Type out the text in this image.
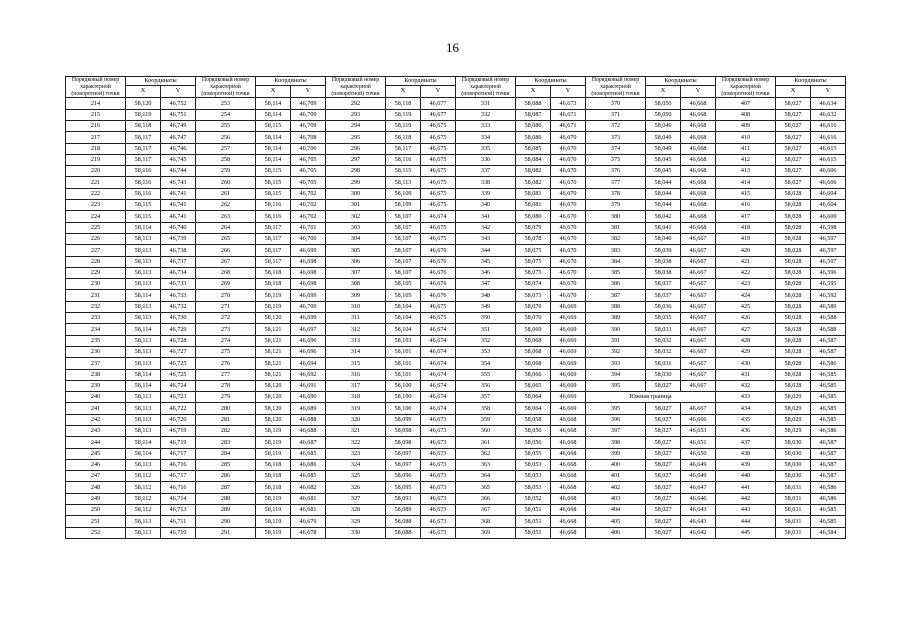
16
Порядковый номер характерной (поворотной) точки	Координаты		Порядковый номер характерной (поворотной) точки	Координаты		Порядковый номер характерной (поворотной) точки	Координаты		Порядковый номер характерной (поворотной) точки	Координаты		Порядковый номер характерной (поворотной) точки	Координаты		Порядковый номер характерной (поворотной) точки	Координаты	
	X	Y		X	Y		X	Y		X	Y		X	Y		X	Y
214	58,120	46,752	253	58,114	46,709	292	58,118	46,677	331	58,088	46,673	370	58,050	46,668	407	58,027	46,634
215	58,119	46,751	254	58,114	46,709	293	58,119	46,677	332	58,087	46,671	371	58,050	46,668	408	58,027	46,632
216	58,118	46,749	255	58,115	46,709	294	58,119	46,675	333	58,086	46,671	372	58,049	46,668	409	58,027	46,616
217	58,117	46,747	256	58,114	46,708	295	58,118	46,675	334	58,086	46,670	373	58,049	46,668	410	58,027	46,616
218	58,117	46,746	257	58,114	46,706	296	58,117	46,675	335	58,085	46,670	374	58,049	46,668	411	58,027	46,615
219	58,117	46,745	258	58,114	46,705	297	58,116	46,675	336	58,084	46,670	375	58,045	46,668	412	58,027	46,615
220	58,116	46,744	259	58,115	46,705	298	58,115	46,675	337	58,082	46,670	376	58,045	46,668	413	58,027	46,606
221	58,116	46,743	260	58,115	46,705	299	58,113	46,675	338	58,082	46,670	377	58,044	46,668	414	58,027	46,606
222	58,116	46,741	261	58,115	46,702	300	58,109	46,675	339	58,081	46,670	378	58,044	46,668	415	58,028	46,604
223	58,115	46,741	262	58,116	46,702	301	58,109	46,675	340	58,081	46,670	379	58,044	46,668	416	58,028	46,604
224	58,115	46,741	263	58,116	46,702	302	58,107	46,674	341	58,080	46,670	380	58,042	46,668	417	58,028	46,600
225	58,114	46,740	264	58,117	46,701	303	58,107	46,675	342	58,079	46,670	381	58,041	46,668	418	58,028	46,598
226	58,113	46,739	265	58,117	46,700	304	58,107	46,675	343	58,078	46,670	382	58,040	46,667	419	58,028	46,597
227	58,113	46,738	266	58,117	46,699	305	58,107	46,676	344	58,075	46,670	383	58,039	46,667	420	58,028	46,597
228	58,113	46,737	267	58,117	46,698	306	58,107	46,676	345	58,075	46,670	384	58,038	46,667	421	58,028	46,597
229	58,113	46,734	268	58,118	46,698	307	58,107	46,676	346	58,075	46,670	385	58,038	46,667	422	58,028	46,596
230	58,113	46,733	269	58,118	46,698	308	58,105	46,676	347	58,074	46,670	386	58,037	46,667	423	58,028	46,595
231	58,114	46,733	270	58,119	46,699	309	58,105	46,676	348	58,073	46,670	387	58,037	46,667	424	58,028	46,592
232	58,113	46,732	271	58,119	46,700	310	58,104	46,675	349	58,070	46,669	388	58,036	46,667	425	58,028	46,589
233	58,113	46,730	272	58,120	46,699	311	58,104	46,675	350	58,070	46,669	389	58,035	46,667	426	58,028	46,588
234	58,114	46,729	273	58,121	46,697	312	58,104	46,674	351	58,069	46,669	390	58,033	46,667	427	58,028	46,588
235	58,113	46,728	274	58,121	46,696	313	58,103	46,674	352	58,068	46,669	391	58,032	46,667	428	58,028	46,587
236	58,113	46,727	275	58,121	46,696	314	58,101	46,674	353	58,068	46,669	392	58,032	46,667	429	58,028	46,587
237	58,113	46,725	276	58,121	46,694	315	58,101	46,674	354	58,068	46,669	393	58,031	46,667	430	58,028	46,586
238	58,114	46,725	277	58,121	46,692	316	58,101	46,674	355	58,066	46,669	394	58,030	46,667	431	58,028	46,585
239	58,114	46,724	278	58,120	46,691	317	58,100	46,674	356	58,065	46,669	395	58,027	46,667	432	58,028	46,585
240	58,113	46,723	279	58,120	46,690	318	58,100	46,674	357	58,064	46,669	Южная граница			433	58,029	46,585
241	58,113	46,722	280	58,120	46,689	319	58,100	46,674	358	58,064	46,669	395	58,027	46,667	434	58,029	46,585
242	58,113	46,720	281	58,120	46,688	320	58,099	46,673	359	58,058	46,668	396	58,027	46,666	435	58,029	46,585
243	58,113	46,719	282	58,119	46,688	321	58,098	46,673	360	58,056	46,668	397	58,027	46,653	436	58,029	46,586
244	58,114	46,719	283	58,119	46,687	322	58,098	46,673	361	58,056	46,668	398	58,027	46,651	437	58,030	46,587
245	58,114	46,717	284	58,119	46,685	323	58,097	46,673	362	58,055	46,668	399	58,027	46,650	438	58,030	46,587
246	58,113	46,716	285	58,118	46,686	324	58,097	46,673	363	58,053	46,668	400	58,027	46,649	439	58,030	46,587
247	58,112	46,717	286	58,118	46,685	325	58,096	46,673	364	58,053	46,668	401	58,027	46,649	440	58,030	46,587
248	58,112	46,716	287	58,118	46,682	326	58,095	46,673	365	58,053	46,668	402	58,027	46,647	441	58,031	46,586
249	58,112	46,714	288	58,119	46,681	327	58,093	46,673	366	58,052	46,668	403	58,027	46,646	442	58,031	46,586
250	58,112	46,713	289	58,119	46,681	328	58,089	46,673	367	58,051	46,668	404	58,027	46,643	443	58,031	46,585
251	58,113	46,711	290	58,119	46,679	329	58,088	46,673	368	58,051	46,668	405	58,027	46,643	444	58,031	46,585
252	58,113	46,710	291	58,119	46,678	330	58,088	46,673	369	58,051	46,668	406	58,027	46,642	445	58,031	46,584
